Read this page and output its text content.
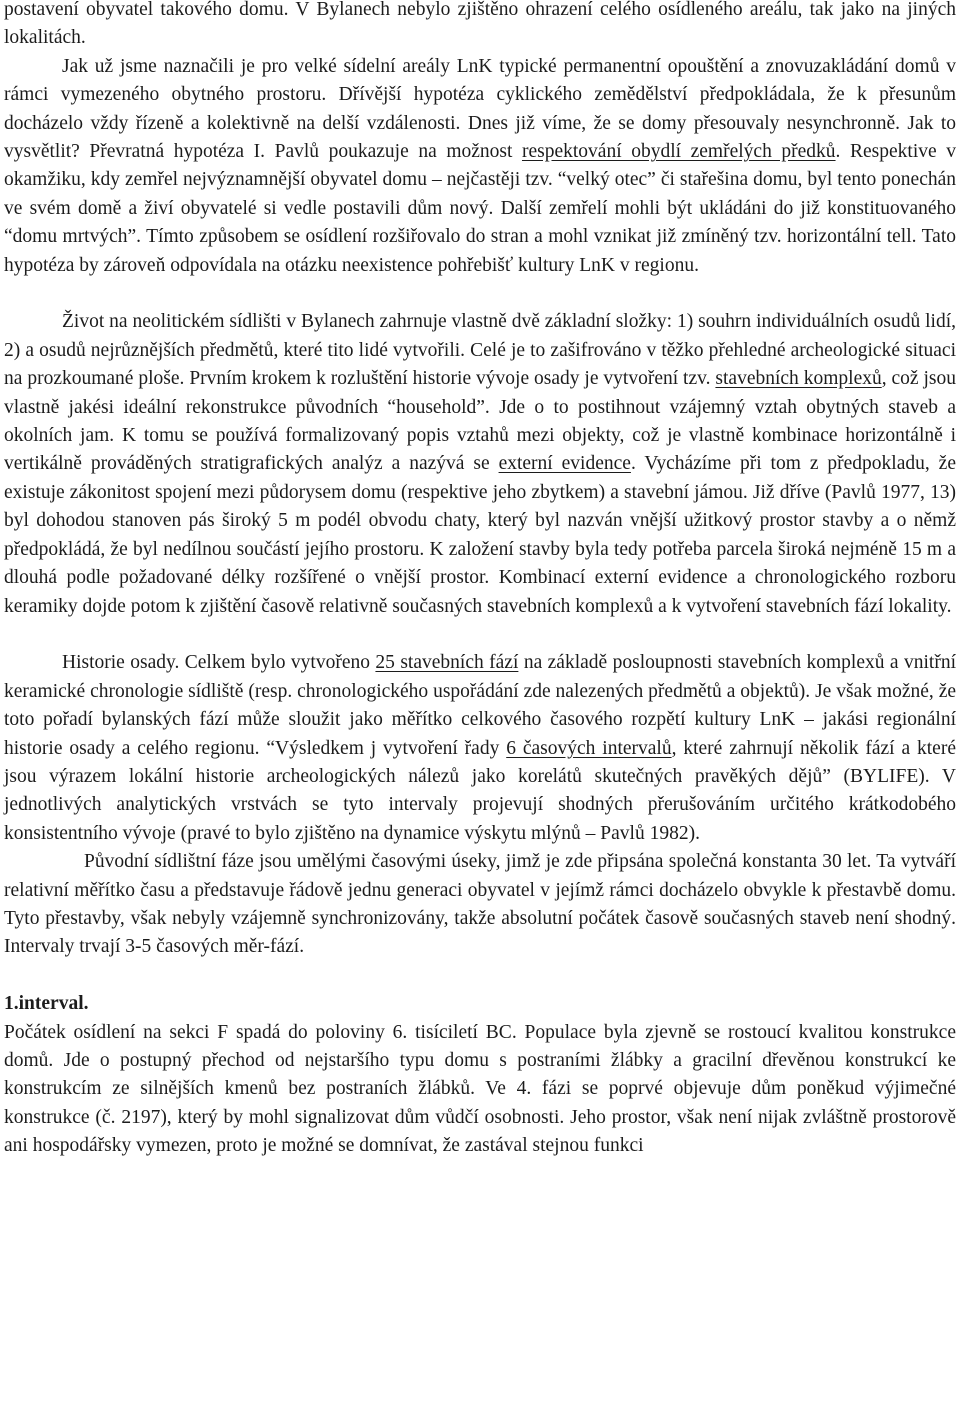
postavení obyvatel takového domu. V Bylanech nebylo zjištěno ohrazení celého osídleného areálu, tak jako na jiných lokalitách.

Jak už jsme naznačili je pro velké sídelní areály LnK typické permanentní opouštění a znovuzakládání domů v rámci vymezeného obytného prostoru. Dřívější hypotéza cyklického zemědělství předpokládala, že k přesunům docházelo vždy řízeně a kolektivně na delší vzdálenosti. Dnes již víme, že se domy přesouvaly nesynchronně. Jak to vysvětlit? Převratná hypotéza I. Pavlů poukazuje na možnost respektování obydlí zemřelých předků. Respektive v okamžiku, kdy zemřel nejvýznamnější obyvatel domu – nejčastěji tzv. “velký otec” či stařešina domu, byl tento ponechán ve svém domě a živí obyvatelé si vedle postavili dům nový. Další zemřelí mohli být ukládáni do již konstituovaného “domu mrtvých”. Tímto způsobem se osídlení rozšiřovalo do stran a mohl vznikat již zmíněný tzv. horizontální tell. Tato hypotéza by zároveň odpovídala na otázku neexistence pohřebišť kultury LnK v regionu.

Život na neolitickém sídlišti v Bylanech zahrnuje vlastně dvě základní složky: 1) souhrn individuálních osudů lidí, 2) a osudů nejrůznějších předmětů, které tito lidé vytvořili. Celé je to zašifrováno v těžko přehledné archeologické situaci na prozkoumané ploše. Prvním krokem k rozluštění historie vývoje osady je vytvoření tzv. stavebních komplexů, což jsou vlastně jakési ideální rekonstrukce původních “household”. Jde o to postihnout vzájemný vztah obytných staveb a okolních jam. K tomu se používá formalizovaný popis vztahů mezi objekty, což je vlastně kombinace horizontálně i vertikálně prováděných stratigrafických analýz a nazývá se externí evidence. Vycházíme při tom z předpokladu, že existuje zákonitost spojení mezi půdorysem domu (respektive jeho zbytkem) a stavební jámou. Již dříve (Pavlů 1977, 13) byl dohodou stanoven pás široký 5 m podél obvodu chaty, který byl nazván vnější užitkový prostor stavby a o němž předpokládá, že byl nedílnou součástí jejího prostoru. K založení stavby byla tedy potřeba parcela široká nejméně 15 m a dlouhá podle požadované délky rozšířené o vnější prostor. Kombinací externí evidence a chronologického rozboru keramiky dojde potom k zjištění časově relativně současných stavebních komplexů a k vytvoření stavebních fází lokality.

Historie osady. Celkem bylo vytvořeno 25 stavebních fází na základě posloupnosti stavebních komplexů a vnitřní keramické chronologie sídliště (resp. chronologického uspořádání zde nalezených předmětů a objektů). Je však možné, že toto pořadí bylanských fází může sloužit jako měřítko celkového časového rozpětí kultury LnK – jakási regionální historie osady a celého regionu. “Výsledkem j vytvoření řady 6 časových intervalů, které zahrnují několik fází a které jsou výrazem lokální historie archeologických nálezů jako korelátů skutečných pravěkých dějů” (BYLIFE). V jednotlivých analytických vrstvách se tyto intervaly projevují shodných přerušováním určitého krátkodobého konsistentního vývoje (pravé to bylo zjištěno na dynamice výskytu mlýnů – Pavlů 1982).

Původní sídlištní fáze jsou umělými časovými úseky, jimž je zde připsána společná konstanta 30 let. Ta vytváří relativní měřítko času a představuje řádově jednu generaci obyvatel v jejímž rámci docházelo obvykle k přestavbě domu. Tyto přestavby, však nebyly vzájemně synchronizovány, takže absolutní počátek časově současných staveb není shodný. Intervaly trvají 3-5 časových měr-fází.

1.interval.

Počátek osídlení na sekci F spadá do poloviny 6. tisíciletí BC. Populace byla zjevně se rostoucí kvalitou konstrukce domů. Jde o postupný přechod od nejstaršího typu domu s postraními žlábky a gracilní dřevěnou konstrukcí ke konstrukcím ze silnějších kmenů bez postraních žlábků. Ve 4. fázi se poprvé objevuje dům poněkud výjimečné konstrukce (č. 2197), který by mohl signalizovat dům vůdčí osobnosti. Jeho prostor, však není nijak zvláštně prostorově ani hospodářsky vymezen, proto je možné se domnívat, že zastával stejnou funkci
